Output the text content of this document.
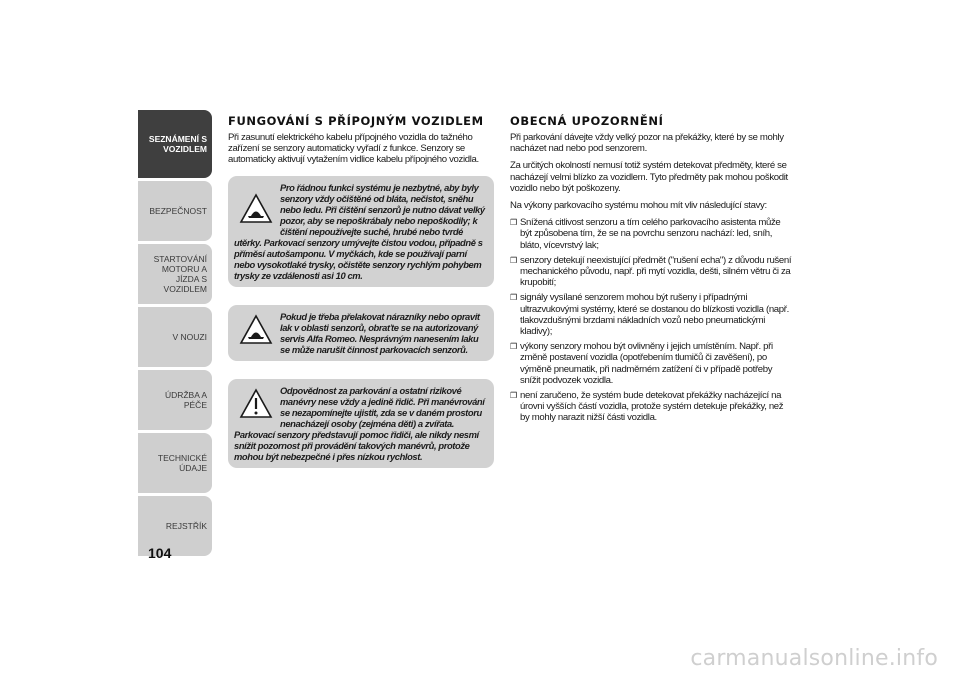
SEZNÁMENÍ S VOZIDLEM
BEZPEČNOST
STARTOVÁNÍ MOTORU A JÍZDA S VOZIDLEM
V NOUZI
ÚDRŽBA A PÉČE
TECHNICKÉ ÚDAJE
REJSTŘÍK
104
FUNGOVÁNÍ S PŘÍPOJNÝM VOZIDLEM

Při zasunutí elektrického kabelu přípojného vozidla do tažného zařízení se senzory automaticky vyřadí z funkce. Senzory se automaticky aktivují vytažením vidlice kabelu přípojného vozidla.

Pro řádnou funkci systému je nezbytné, aby byly senzory vždy očištěné od bláta, nečistot, sněhu nebo ledu. Při čištění senzorů je nutno dávat velký pozor, aby se nepoškrábaly nebo nepoškodily; k čištění nepoužívejte suché, hrubé nebo tvrdé utěrky. Parkovací senzory umývejte čistou vodou, případně s příměsí autošamponu. V myčkách, kde se používají parní nebo vysokotlaké trysky, očistěte senzory rychlým pohybem trysky ze vzdálenosti asi 10 cm.
Pokud je třeba přelakovat nárazníky nebo opravit lak v oblasti senzorů, obraťte se na autorizovaný servis Alfa Romeo. Nesprávným nanesením laku se může narušit činnost parkovacích senzorů.
Odpovědnost za parkování a ostatní rizikové manévry nese vždy a jedině řidič. Při manévrování se nezapomínejte ujistit, zda se v daném prostoru nenacházejí osoby (zejména děti) a zvířata. Parkovací senzory představují pomoc řidiči, ale nikdy nesmí snížit pozornost při provádění takových manévrů, protože mohou být nebezpečné i přes nízkou rychlost.
OBECNÁ UPOZORNĚNÍ

Při parkování dávejte vždy velký pozor na překážky, které by se mohly nacházet nad nebo pod senzorem.

Za určitých okolností nemusí totiž systém detekovat předměty, které se nacházejí velmi blízko za vozidlem. Tyto předměty pak mohou poškodit vozidlo nebo být poškozeny.

Na výkony parkovacího systému mohou mít vliv následující stavy:

❒ Snížená citlivost senzoru a tím celého parkovacího asistenta může být způsobena tím, že se na povrchu senzoru nachází: led, sníh, bláto, vícevrstvý lak;
❒ senzory detekují neexistující předmět ("rušení echa") z důvodu rušení mechanického původu, např. při mytí vozidla, dešti, silném větru či za krupobití;
❒ signály vysílané senzorem mohou být rušeny i případnými ultrazvukovými systémy, které se dostanou do blízkosti vozidla (např. tlakovzdušnými brzdami nákladních vozů nebo pneumatickými kladivy);
❒ výkony senzory mohou být ovlivněny i jejich umístěním. Např. při změně postavení vozidla (opotřebením tlumičů či zavěšení), po výměně pneumatik, při nadměrném zatížení či v případě potřeby snížit podvozek vozidla.
❒ není zaručeno, že systém bude detekovat překážky nacházející na úrovni vyšších částí vozidla, protože systém detekuje překážky, než by mohly narazit nižší části vozidla.
carmanualsonline.info
